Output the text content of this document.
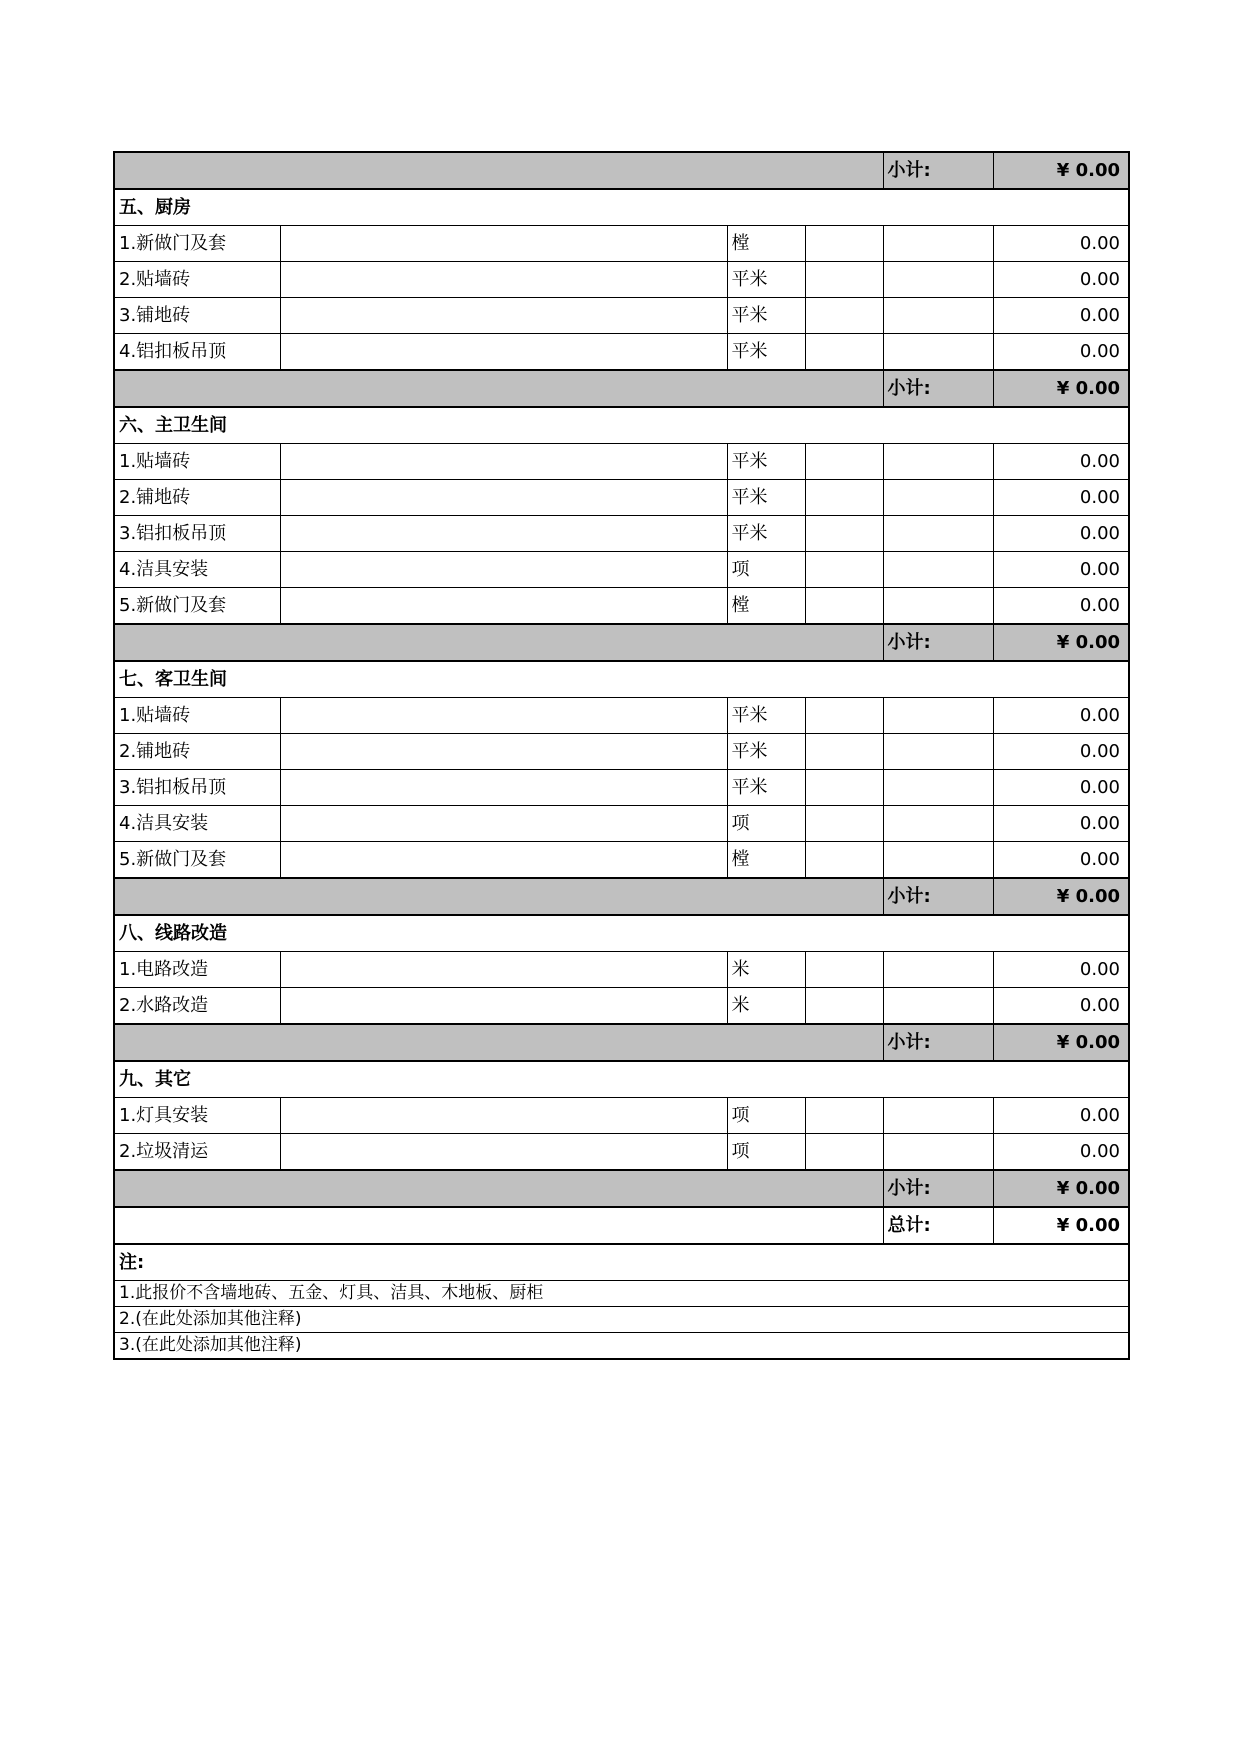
				小计:	¥ 0.00
五、厨房					
1.新做门及套		樘			0.00
2.贴墙砖		平米			0.00
3.铺地砖		平米			0.00
4.铝扣板吊顶		平米			0.00
				小计:	¥ 0.00
六、主卫生间					
1.贴墙砖		平米			0.00
2.铺地砖		平米			0.00
3.铝扣板吊顶		平米			0.00
4.洁具安装		项			0.00
5.新做门及套		樘			0.00
				小计:	¥ 0.00
七、客卫生间					
1.贴墙砖		平米			0.00
2.铺地砖		平米			0.00
3.铝扣板吊顶		平米			0.00
4.洁具安装		项			0.00
5.新做门及套		樘			0.00
				小计:	¥ 0.00
八、线路改造					
1.电路改造		米			0.00
2.水路改造		米			0.00
				小计:	¥ 0.00
九、其它					
1.灯具安装		项			0.00
2.垃圾清运		项			0.00
				小计:	¥ 0.00
				总计:	¥ 0.00
注:					
1.此报价不含墙地砖、五金、灯具、洁具、木地板、厨柜					
2.(在此处添加其他注释)					
3.(在此处添加其他注释)					
